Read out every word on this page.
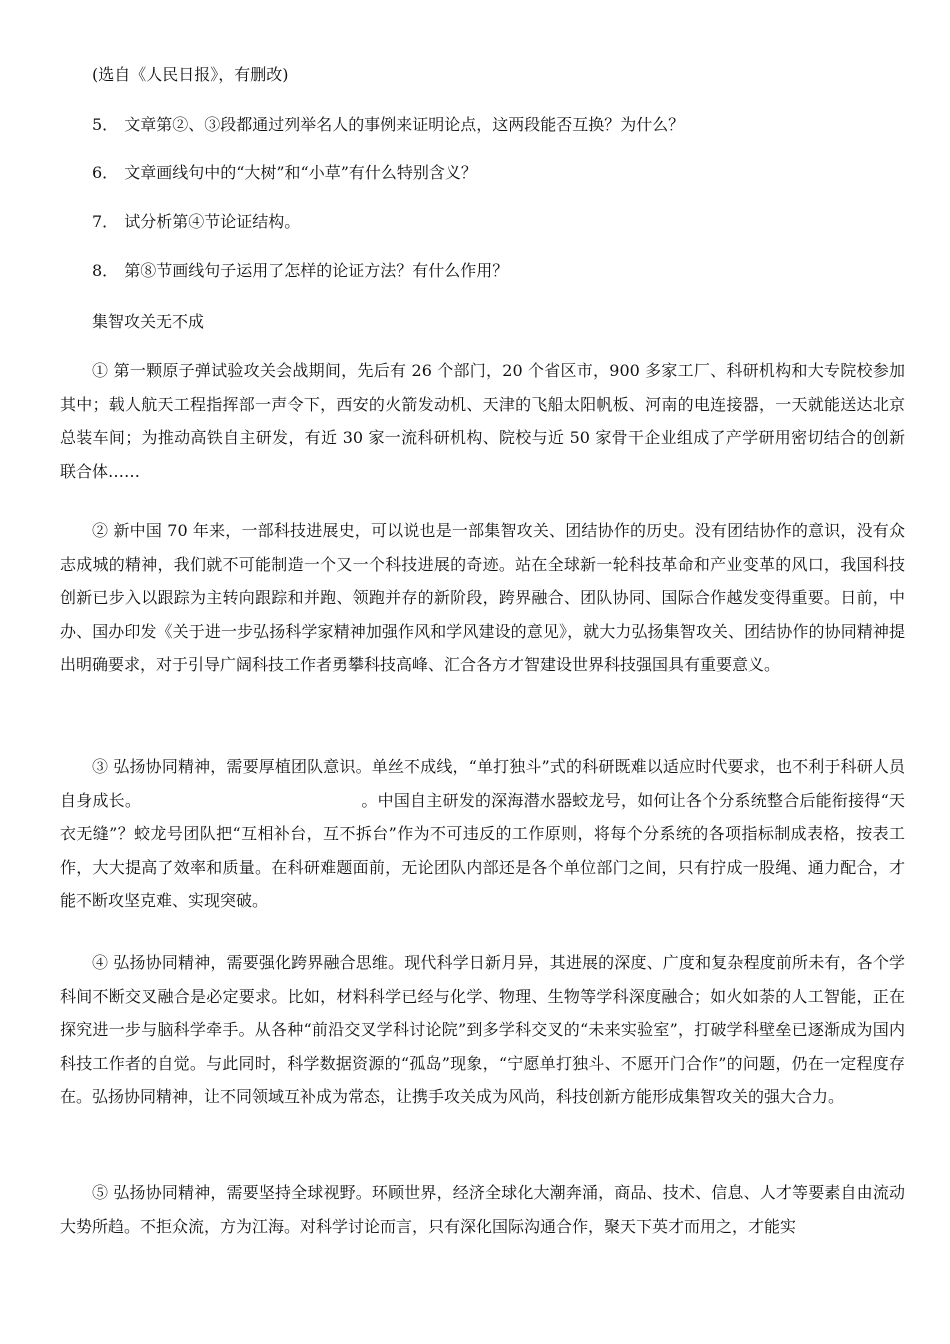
(选自《人民日报》，有删改)
5． 文章第②、③段都通过列举名人的事例来证明论点，这两段能否互换？为什么？
6． 文章画线句中的“大树”和“小草”有什么特别含义？
7． 试分析第④节论证结构。
8． 第⑧节画线句子运用了怎样的论证方法？有什么作用？
集智攻关无不成

① 第一颗原子弹试验攻关会战期间，先后有 26 个部门，20 个省区市，900 多家工厂、科研机构和大专院校参加其中；载人航天工程指挥部一声令下，西安的火箭发动机、天津的飞船太阳帆板、河南的电连接器，一天就能送达北京总装车间；为推动高铁自主研发，有近 30 家一流科研机构、院校与近 50 家骨干企业组成了产学研用密切结合的创新联合体……

② 新中国 70 年来，一部科技进展史，可以说也是一部集智攻关、团结协作的历史。没有团结协作的意识，没有众志成城的精神，我们就不可能制造一个又一个科技进展的奇迹。站在全球新一轮科技革命和产业变革的风口，我国科技创新已步入以跟踪为主转向跟踪和并跑、领跑并存的新阶段，跨界融合、团队协同、国际合作越发变得重要。日前，中办、国办印发《关于进一步弘扬科学家精神加强作风和学风建设的意见》，就大力弘扬集智攻关、团结协作的协同精神提出明确要求，对于引导广阔科技工作者勇攀科技高峰、汇合各方才智建设世界科技强国具有重要意义。

③ 弘扬协同精神，需要厚植团队意识。单丝不成线，“单打独斗”式的科研既难以适应时代要求，也不利于科研人员自身成长。	。中国自主研发的深海潜水器蛟龙号，如何让各个分系统整合后能衔接得“天衣无缝”？蛟龙号团队把“互相补台，互不拆台”作为不可违反的工作原则，将每个分系统的各项指标制成表格，按表工作，大大提高了效率和质量。在科研难题面前，无论团队内部还是各个单位部门之间，只有拧成一股绳、通力配合，才能不断攻坚克难、实现突破。

④ 弘扬协同精神，需要强化跨界融合思维。现代科学日新月异，其进展的深度、广度和复杂程度前所未有，各个学科间不断交叉融合是必定要求。比如，材料科学已经与化学、物理、生物等学科深度融合；如火如荼的人工智能，正在探究进一步与脑科学牵手。从各种“前沿交叉学科讨论院”到多学科交叉的“未来实验室”，打破学科壁垒已逐渐成为国内科技工作者的自觉。与此同时，科学数据资源的“孤岛”现象，“宁愿单打独斗、不愿开门合作”的问题，仍在一定程度存在。弘扬协同精神，让不同领域互补成为常态，让携手攻关成为风尚，科技创新方能形成集智攻关的强大合力。

⑤ 弘扬协同精神，需要坚持全球视野。环顾世界，经济全球化大潮奔涌，商品、技术、信息、人才等要素自由流动大势所趋。不拒众流，方为江海。对科学讨论而言，只有深化国际沟通合作，聚天下英才而用之，才能实
